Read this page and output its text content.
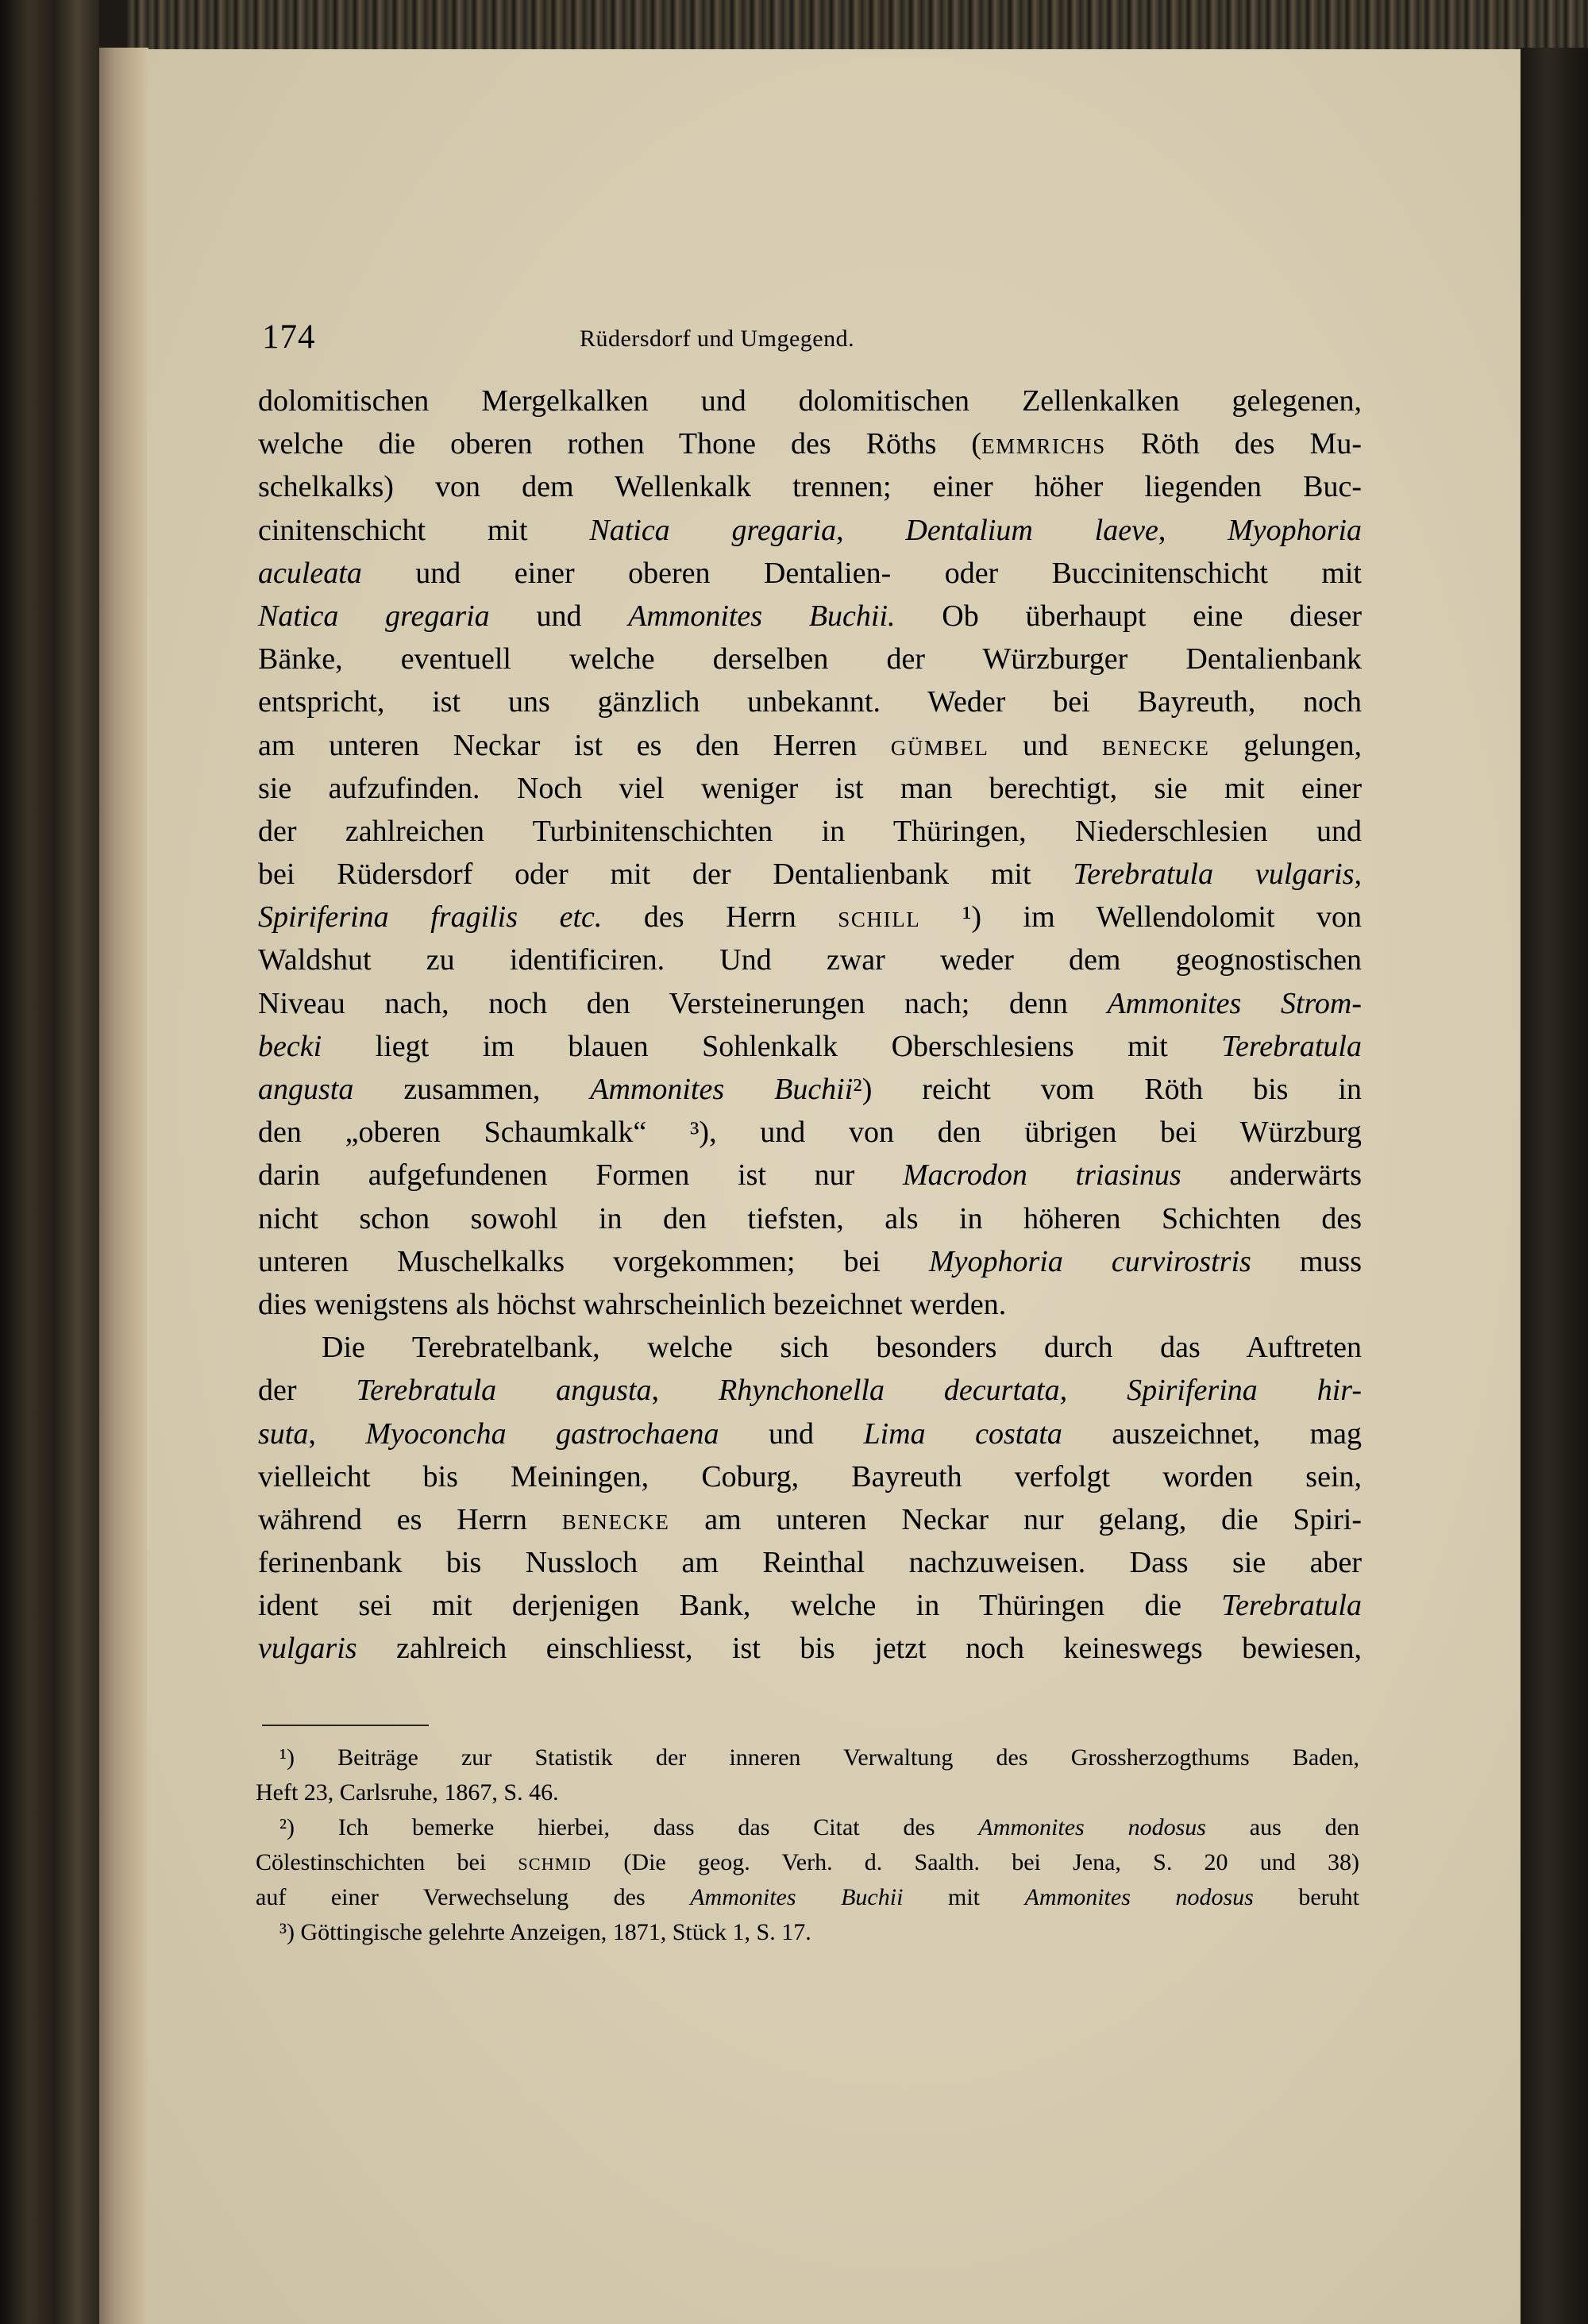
174	Rüdersdorf und Umgegend.
dolomitischen Mergelkalken und dolomitischen Zellenkalken gelegenen,
welche die oberen rothen Thone des Röths (EMMRICHS Röth des Mu-
schelkalks) von dem Wellenkalk trennen; einer höher liegenden Buc-
cinitenschicht mit Natica gregaria, Dentalium laeve, Myophoria
aculeata und einer oberen Dentalien- oder Buccinitenschicht mit
Natica gregaria und Ammonites Buchii. Ob überhaupt eine dieser
Bänke, eventuell welche derselben der Würzburger Dentalienbank
entspricht, ist uns gänzlich unbekannt. Weder bei Bayreuth, noch
am unteren Neckar ist es den Herren GÜMBEL und BENECKE gelungen,
sie aufzufinden. Noch viel weniger ist man berechtigt, sie mit einer
der zahlreichen Turbinitenschichten in Thüringen, Niederschlesien und
bei Rüdersdorf oder mit der Dentalienbank mit Terebratula vulgaris,
Spiriferina fragilis etc. des Herrn SCHILL ¹) im Wellendolomit von
Waldshut zu identificiren. Und zwar weder dem geognostischen
Niveau nach, noch den Versteinerungen nach; denn Ammonites Strom-
becki liegt im blauen Sohlenkalk Oberschlesiens mit Terebratula
angusta zusammen, Ammonites Buchii²) reicht vom Röth bis in
den „oberen Schaumkalk“ ³), und von den übrigen bei Würzburg
darin aufgefundenen Formen ist nur Macrodon triasinus anderwärts
nicht schon sowohl in den tiefsten, als in höheren Schichten des
unteren Muschelkalks vorgekommen; bei Myophoria curvirostris muss
dies wenigstens als höchst wahrscheinlich bezeichnet werden.
Die Terebratelbank, welche sich besonders durch das Auftreten
der Terebratula angusta, Rhynchonella decurtata, Spiriferina hir-
suta, Myoconcha gastrochaena und Lima costata auszeichnet, mag
vielleicht bis Meiningen, Coburg, Bayreuth verfolgt worden sein,
während es Herrn BENECKE am unteren Neckar nur gelang, die Spiri-
ferinenbank bis Nussloch am Reinthal nachzuweisen. Dass sie aber
ident sei mit derjenigen Bank, welche in Thüringen die Terebratula
vulgaris zahlreich einschliesst, ist bis jetzt noch keineswegs bewiesen,
¹) Beiträge zur Statistik der inneren Verwaltung des Grossherzogthums Baden,
Heft 23, Carlsruhe, 1867, S. 46.
²) Ich bemerke hierbei, dass das Citat des Ammonites nodosus aus den
Cölestinschichten bei SCHMID (Die geog. Verh. d. Saalth. bei Jena, S. 20 und 38)
auf einer Verwechselung des Ammonites Buchii mit Ammonites nodosus beruht
³) Göttingische gelehrte Anzeigen, 1871, Stück 1, S. 17.
